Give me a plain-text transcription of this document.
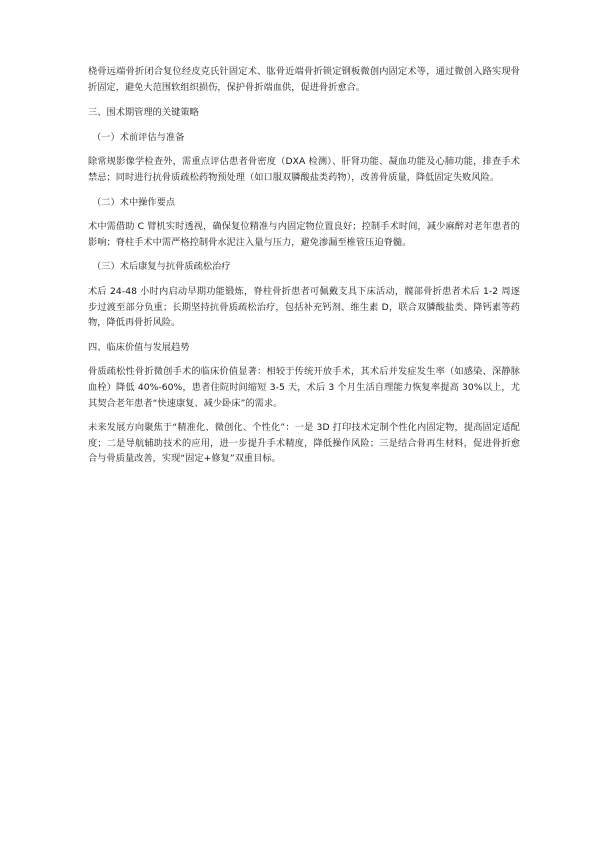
桡骨远端骨折闭合复位经皮克氏针固定术、肱骨近端骨折锁定钢板微创内固定术等，通过微创入路实现骨折固定，避免大范围软组织损伤，保护骨折端血供，促进骨折愈合。

三、围术期管理的关键策略

（一）术前评估与准备

除常规影像学检查外，需重点评估患者骨密度（DXA 检测）、肝肾功能、凝血功能及心肺功能，排查手术禁忌；同时进行抗骨质疏松药物预处理（如口服双膦酸盐类药物），改善骨质量，降低固定失败风险。

（二）术中操作要点

术中需借助 C 臂机实时透视，确保复位精准与内固定物位置良好；控制手术时间，减少麻醉对老年患者的影响；脊柱手术中需严格控制骨水泥注入量与压力，避免渗漏至椎管压迫脊髓。

（三）术后康复与抗骨质疏松治疗

术后 24-48 小时内启动早期功能锻炼，脊柱骨折患者可佩戴支具下床活动，髋部骨折患者术后 1-2 周逐步过渡至部分负重；长期坚持抗骨质疏松治疗，包括补充钙剂、维生素 D，联合双膦酸盐类、降钙素等药物，降低再骨折风险。

四、临床价值与发展趋势

骨质疏松性骨折微创手术的临床价值显著：相较于传统开放手术，其术后并发症发生率（如感染、深静脉血栓）降低 40%-60%，患者住院时间缩短 3-5 天，术后 3 个月生活自理能力恢复率提高 30%以上，尤其契合老年患者“快速康复、减少卧床”的需求。

未来发展方向聚焦于“精准化、微创化、个性化”：一是 3D 打印技术定制个性化内固定物，提高固定适配度；二是导航辅助技术的应用，进一步提升手术精度，降低操作风险；三是结合骨再生材料，促进骨折愈合与骨质量改善，实现“固定+修复”双重目标。
